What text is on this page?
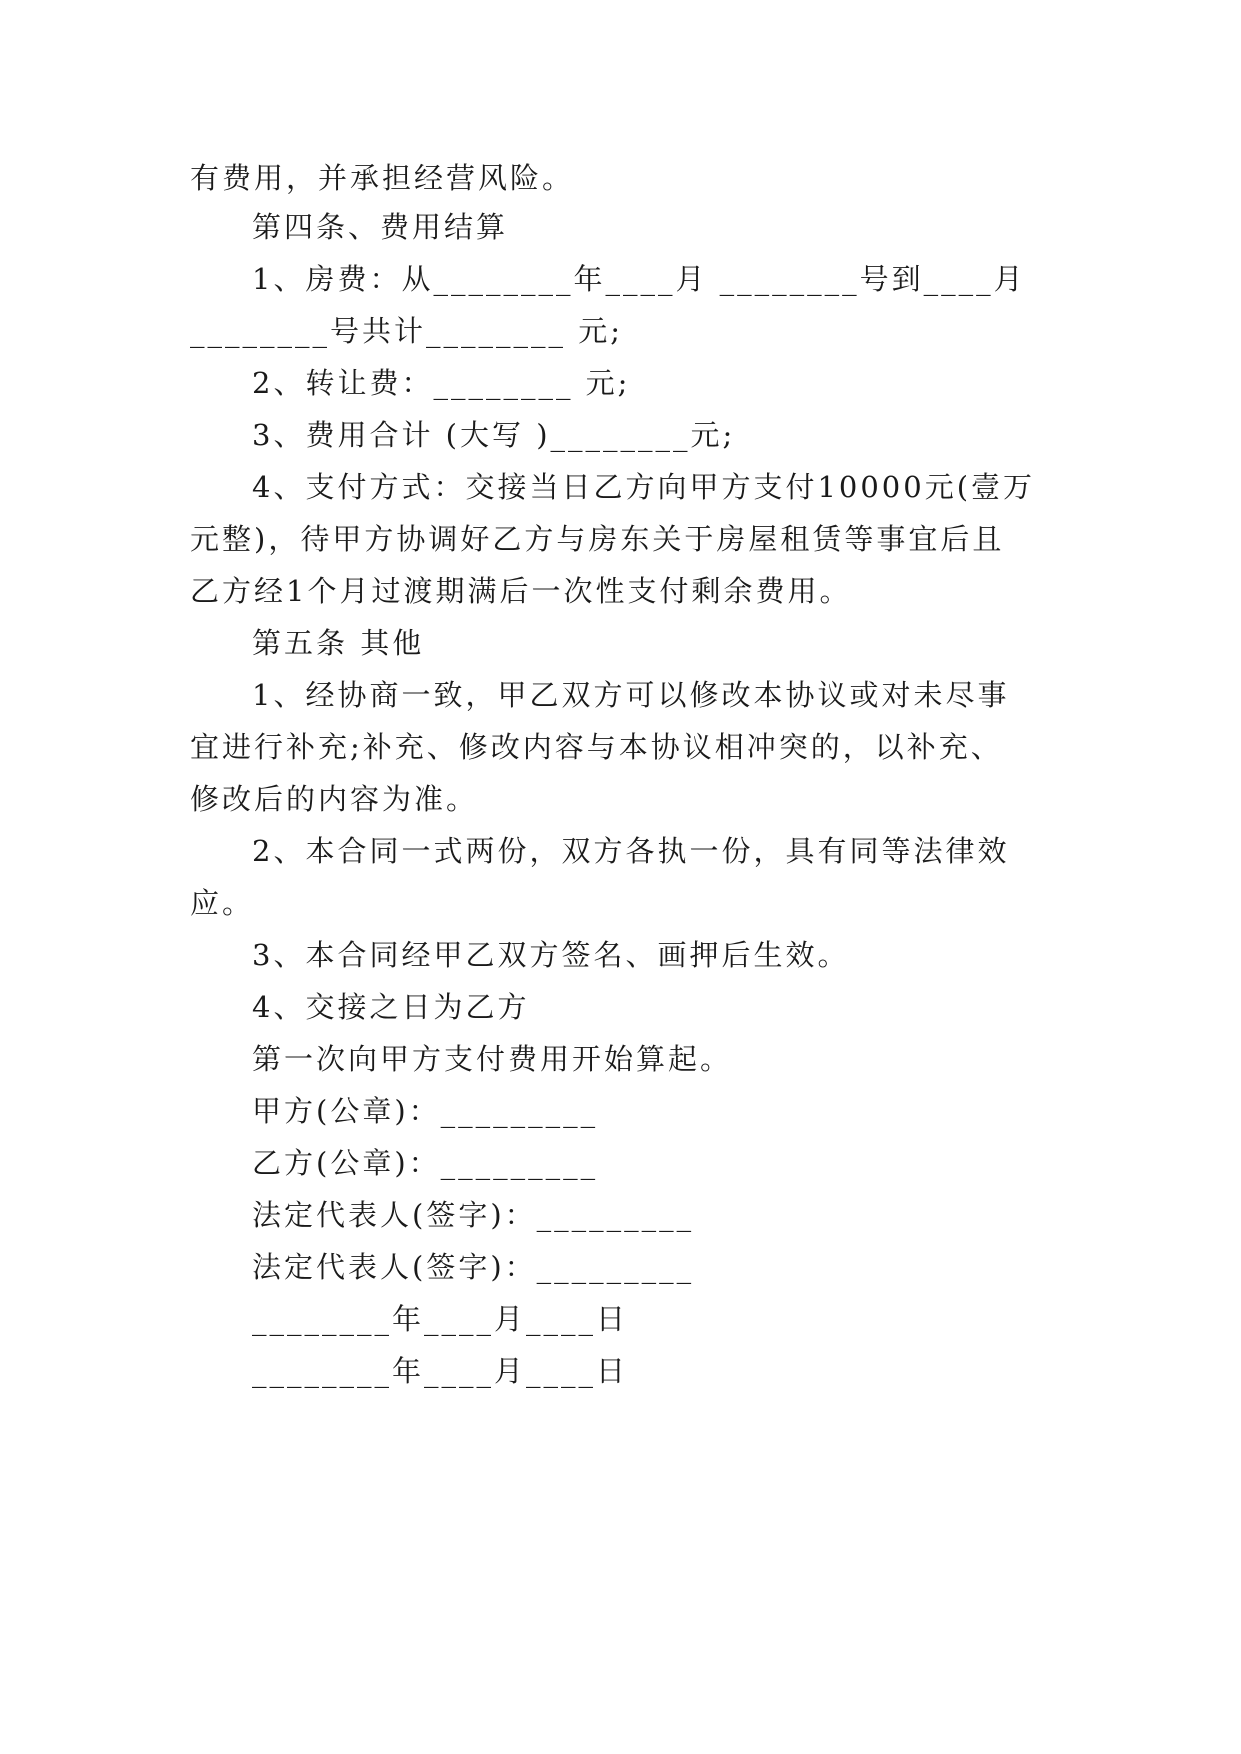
有费用，并承担经营风险。
第四条、费用结算
1、房费：从________年____月 ________号到____月
________号共计________ 元;
2、转让费：________ 元;
3、费用合计 (大写 )________元;
4、支付方式：交接当日乙方向甲方支付10000元(壹万
元整)，待甲方协调好乙方与房东关于房屋租赁等事宜后且
乙方经1个月过渡期满后一次性支付剩余费用。
第五条 其他
1、经协商一致，甲乙双方可以修改本协议或对未尽事
宜进行补充;补充、修改内容与本协议相冲突的，以补充、
修改后的内容为准。
2、本合同一式两份，双方各执一份，具有同等法律效
应。
3、本合同经甲乙双方签名、画押后生效。
4、交接之日为乙方
第一次向甲方支付费用开始算起。
甲方(公章)：_________
乙方(公章)：_________
法定代表人(签字)：_________
法定代表人(签字)：_________
________年____月____日
________年____月____日
